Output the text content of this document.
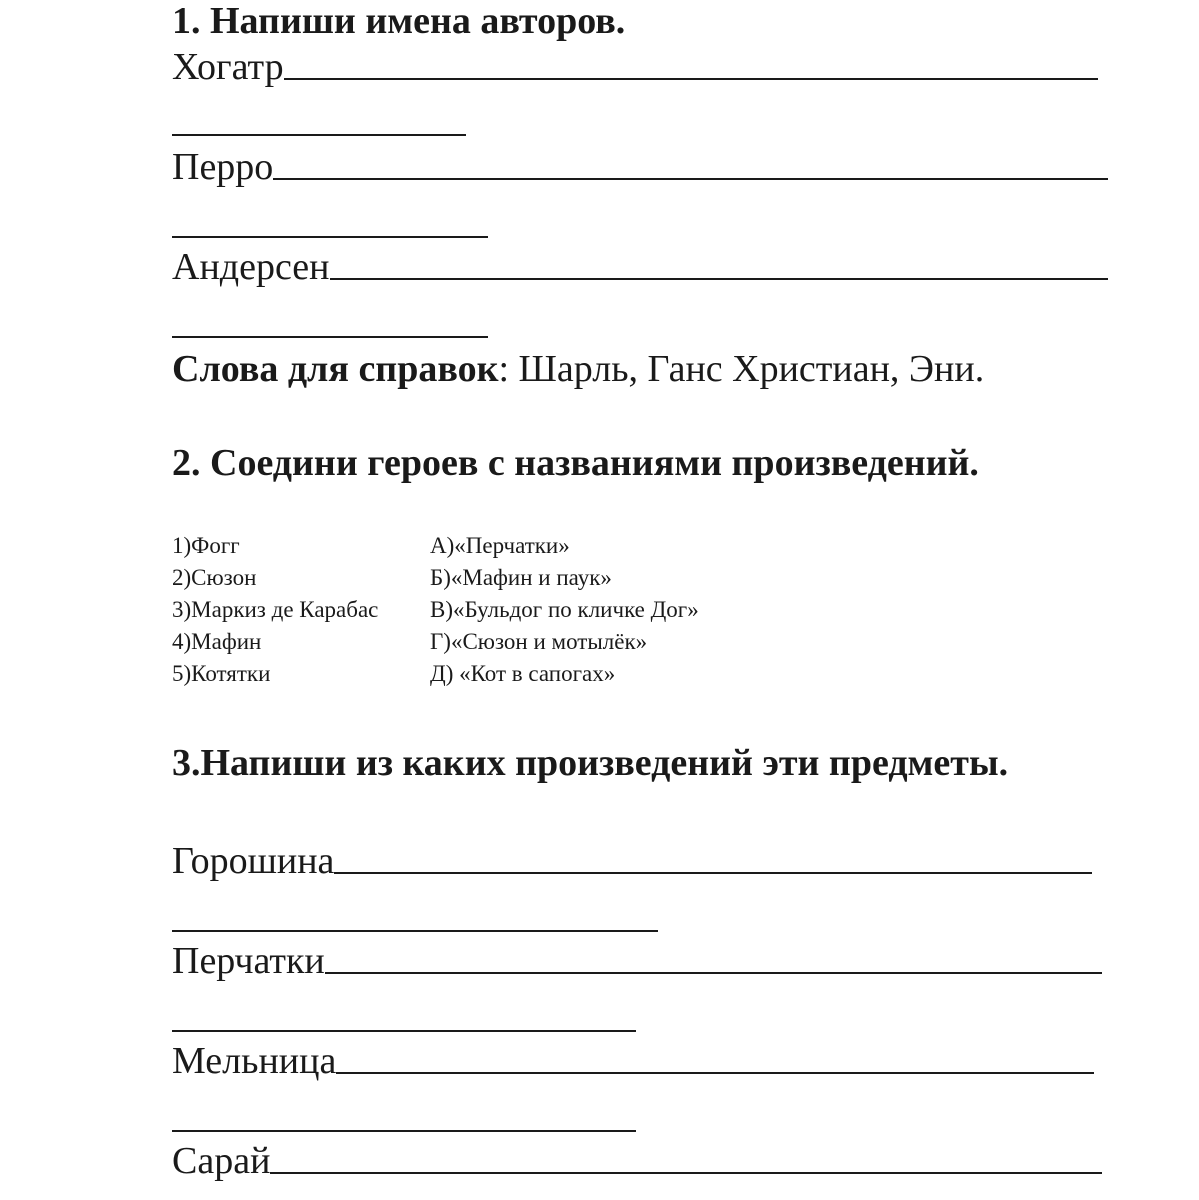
1. Напиши имена авторов.
Хогатр
Перро
Андерсен
Слова для справок: Шарль, Ганс Христиан, Эни.
2. Соедини героев с названиями произведений.
1)Фогг
2)Сюзон
3)Маркиз де Карабас
4)Мафин
5)Котятки
А)«Перчатки»
Б)«Мафин и паук»
В)«Бульдог по кличке Дог»
Г)«Сюзон и мотылёк»
Д) «Кот в сапогах»
3.Напиши из каких произведений эти предметы.
Горошина
Перчатки
Мельница
Сарай
